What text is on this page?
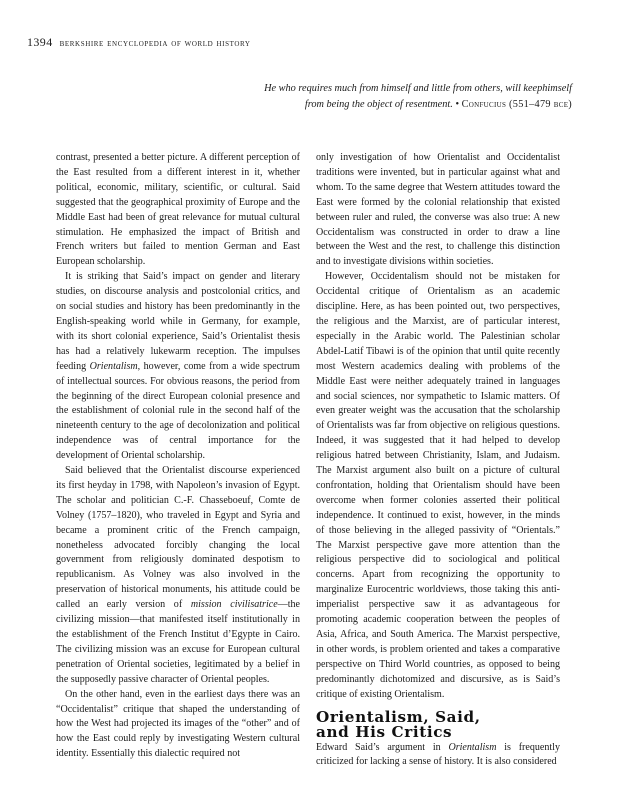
1394 berkshire encyclopedia of world history
He who requires much from himself and little from others, will keephimself
from being the object of resentment. • Confucius (551–479 bce)

contrast, presented a better picture. A different perception of the East resulted from a different interest in it, whether political, economic, military, scientific, or cultural. Said suggested that the geographical proximity of Europe and the Middle East had been of great relevance for mutual cultural stimulation. He emphasized the impact of British and French writers but failed to mention German and East European scholarship.

It is striking that Said’s impact on gender and literary studies, on discourse analysis and postcolonial critics, and on social studies and history has been predominantly in the English-speaking world while in Germany, for example, with its short colonial experience, Said’s Orientalist thesis has had a relatively lukewarm reception. The impulses feeding Orientalism, however, come from a wide spectrum of intellectual sources. For obvious reasons, the period from the beginning of the direct European colonial presence and the establishment of colonial rule in the second half of the nineteenth century to the age of decolonization and political independence was of central importance for the development of Oriental scholarship.

Said believed that the Orientalist discourse experienced its first heyday in 1798, with Napoleon’s invasion of Egypt. The scholar and politician C.-F. Chasseboeuf, Comte de Volney (1757–1820), who traveled in Egypt and Syria and became a prominent critic of the French campaign, nonetheless advocated forcibly changing the local government from religiously dominated despotism to republicanism. As Volney was also involved in the preservation of historical monuments, his attitude could be called an early version of mission civilisatrice—the civilizing mission—that manifested itself institutionally in the establishment of the French Institut d’Egypte in Cairo. The civilizing mission was an excuse for European cultural penetration of Oriental societies, legitimated by a belief in the supposedly passive character of Oriental peoples.

On the other hand, even in the earliest days there was an “Occidentalist” critique that shaped the understanding of how the West had projected its images of the “other” and of how the East could reply by investigating Western cultural identity. Essentially this dialectic required not

only investigation of how Orientalist and Occidentalist traditions were invented, but in particular against what and whom. To the same degree that Western attitudes toward the East were formed by the colonial relationship that existed between ruler and ruled, the converse was also true: A new Occidentalism was constructed in order to draw a line between the West and the rest, to challenge this distinction and to investigate divisions within societies.

However, Occidentalism should not be mistaken for Occidental critique of Orientalism as an academic discipline. Here, as has been pointed out, two perspectives, the religious and the Marxist, are of particular interest, especially in the Arabic world. The Palestinian scholar Abdel-Latif Tibawi is of the opinion that until quite recently most Western academics dealing with problems of the Middle East were neither adequately trained in languages and social sciences, nor sympathetic to Islamic matters. Of even greater weight was the accusation that the scholarship of Orientalists was far from objective on religious questions. Indeed, it was suggested that it had helped to develop religious hatred between Christianity, Islam, and Judaism. The Marxist argument also built on a picture of cultural confrontation, holding that Orientalism should have been overcome when former colonies asserted their political independence. It continued to exist, however, in the minds of those believing in the alleged passivity of “Orientals.” The Marxist perspective gave more attention than the religious perspective did to sociological and political concerns. Apart from recognizing the opportunity to marginalize Eurocentric worldviews, those taking this anti-imperialist perspective saw it as advantageous for promoting academic cooperation between the peoples of Asia, Africa, and South America. The Marxist perspective, in other words, is problem oriented and takes a comparative perspective on Third World countries, as opposed to being predominantly dichotomized and discursive, as is Said’s critique of existing Orientalism.

Orientalism, Said,
and His Critics

Edward Said’s argument in Orientalism is frequently criticized for lacking a sense of history. It is also considered
